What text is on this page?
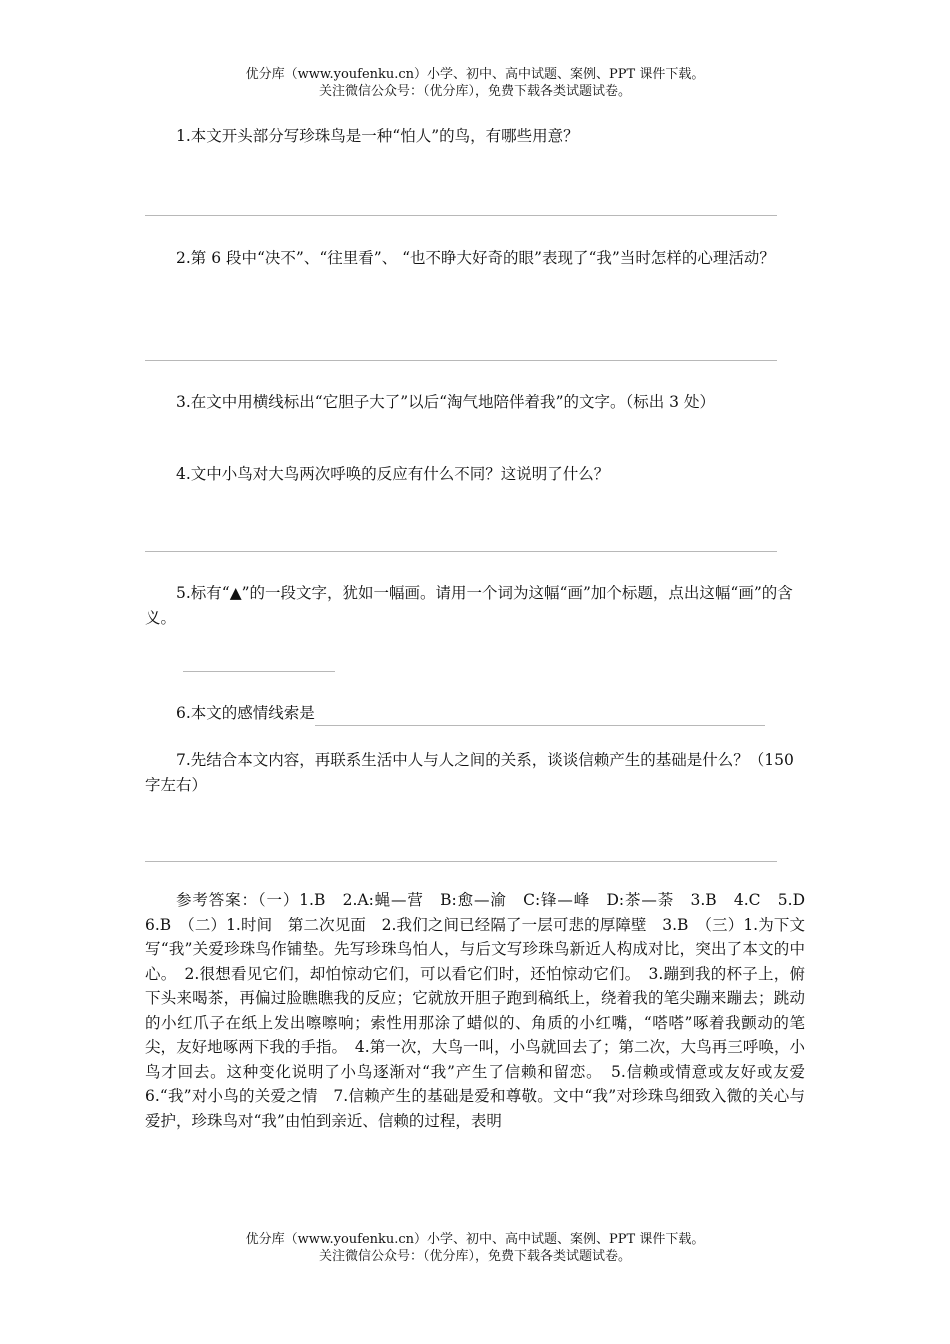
优分库（www.youfenku.cn）小学、初中、高中试题、案例、PPT 课件下载。
关注微信公众号：（优分库），免费下载各类试题试卷。
1.本文开头部分写珍珠鸟是一种“怕人”的鸟，有哪些用意？
2.第 6 段中“决不”、“往里看”、 “也不睁大好奇的眼”表现了“我”当时怎样的心理活动？
3.在文中用横线标出“它胆子大了”以后“淘气地陪伴着我”的文字。（标出 3 处）
4.文中小鸟对大鸟两次呼唤的反应有什么不同？这说明了什么？
5.标有“▲”的一段文字，犹如一幅画。请用一个词为这幅“画”加个标题，点出这幅“画”的含义。
6.本文的感情线索是
7.先结合本文内容，再联系生活中人与人之间的关系，谈谈信赖产生的基础是什么？（150 字左右）
参考答案：（一）1.B　2.A:蝇—营　B:愈—渝　C:锋—峰　D:茶—荼　3.B　4.C　5.D　6.B　（二）1.时间　第二次见面　2.我们之间已经隔了一层可悲的厚障壁　3.B　（三）1.为下文写“我”关爱珍珠鸟作铺垫。先写珍珠鸟怕人，与后文写珍珠鸟新近人构成对比，突出了本文的中心。　2.很想看见它们，却怕惊动它们，可以看它们时，还怕惊动它们。　3.蹦到我的杯子上，俯下头来喝茶，再偏过脸瞧瞧我的反应；它就放开胆子跑到稿纸上，绕着我的笔尖蹦来蹦去；跳动的小红爪子在纸上发出嚓嚓响；索性用那涂了蜡似的、角质的小红嘴，“嗒嗒”啄着我颤动的笔尖，友好地啄两下我的手指。　4.第一次，大鸟一叫，小鸟就回去了；第二次，大鸟再三呼唤，小鸟才回去。这种变化说明了小鸟逐渐对“我”产生了信赖和留恋。　5.信赖或情意或友好或友爱　6.“我”对小鸟的关爱之情　7.信赖产生的基础是爱和尊敬。文中“我”对珍珠鸟细致入微的关心与爱护，珍珠鸟对“我”由怕到亲近、信赖的过程，表明
优分库（www.youfenku.cn）小学、初中、高中试题、案例、PPT 课件下载。
关注微信公众号：（优分库），免费下载各类试题试卷。
